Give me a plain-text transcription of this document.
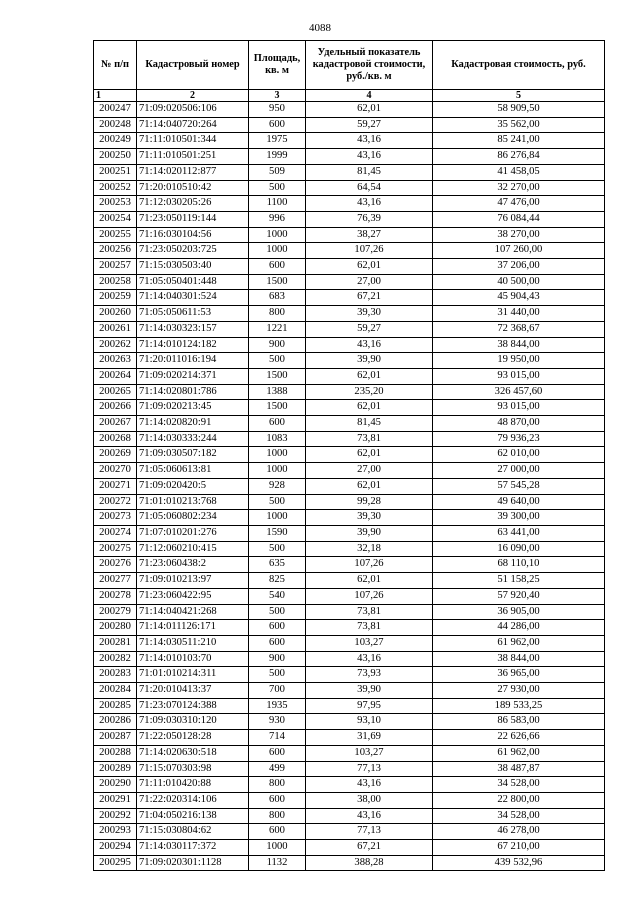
4088
№ п/п	Кадастровый номер	Площадь, кв. м	Удельный показатель кадастровой стоимости, руб./кв. м	Кадастровая стоимость, руб.
1	2	3	4	5
200247	71:09:020506:106	950	62,01	58 909,50
200248	71:14:040720:264	600	59,27	35 562,00
200249	71:11:010501:344	1975	43,16	85 241,00
200250	71:11:010501:251	1999	43,16	86 276,84
200251	71:14:020112:877	509	81,45	41 458,05
200252	71:20:010510:42	500	64,54	32 270,00
200253	71:12:030205:26	1100	43,16	47 476,00
200254	71:23:050119:144	996	76,39	76 084,44
200255	71:16:030104:56	1000	38,27	38 270,00
200256	71:23:050203:725	1000	107,26	107 260,00
200257	71:15:030503:40	600	62,01	37 206,00
200258	71:05:050401:448	1500	27,00	40 500,00
200259	71:14:040301:524	683	67,21	45 904,43
200260	71:05:050611:53	800	39,30	31 440,00
200261	71:14:030323:157	1221	59,27	72 368,67
200262	71:14:010124:182	900	43,16	38 844,00
200263	71:20:011016:194	500	39,90	19 950,00
200264	71:09:020214:371	1500	62,01	93 015,00
200265	71:14:020801:786	1388	235,20	326 457,60
200266	71:09:020213:45	1500	62,01	93 015,00
200267	71:14:020820:91	600	81,45	48 870,00
200268	71:14:030333:244	1083	73,81	79 936,23
200269	71:09:030507:182	1000	62,01	62 010,00
200270	71:05:060613:81	1000	27,00	27 000,00
200271	71:09:020420:5	928	62,01	57 545,28
200272	71:01:010213:768	500	99,28	49 640,00
200273	71:05:060802:234	1000	39,30	39 300,00
200274	71:07:010201:276	1590	39,90	63 441,00
200275	71:12:060210:415	500	32,18	16 090,00
200276	71:23:060438:2	635	107,26	68 110,10
200277	71:09:010213:97	825	62,01	51 158,25
200278	71:23:060422:95	540	107,26	57 920,40
200279	71:14:040421:268	500	73,81	36 905,00
200280	71:14:011126:171	600	73,81	44 286,00
200281	71:14:030511:210	600	103,27	61 962,00
200282	71:14:010103:70	900	43,16	38 844,00
200283	71:01:010214:311	500	73,93	36 965,00
200284	71:20:010413:37	700	39,90	27 930,00
200285	71:23:070124:388	1935	97,95	189 533,25
200286	71:09:030310:120	930	93,10	86 583,00
200287	71:22:050128:28	714	31,69	22 626,66
200288	71:14:020630:518	600	103,27	61 962,00
200289	71:15:070303:98	499	77,13	38 487,87
200290	71:11:010420:88	800	43,16	34 528,00
200291	71:22:020314:106	600	38,00	22 800,00
200292	71:04:050216:138	800	43,16	34 528,00
200293	71:15:030804:62	600	77,13	46 278,00
200294	71:14:030117:372	1000	67,21	67 210,00
200295	71:09:020301:1128	1132	388,28	439 532,96
